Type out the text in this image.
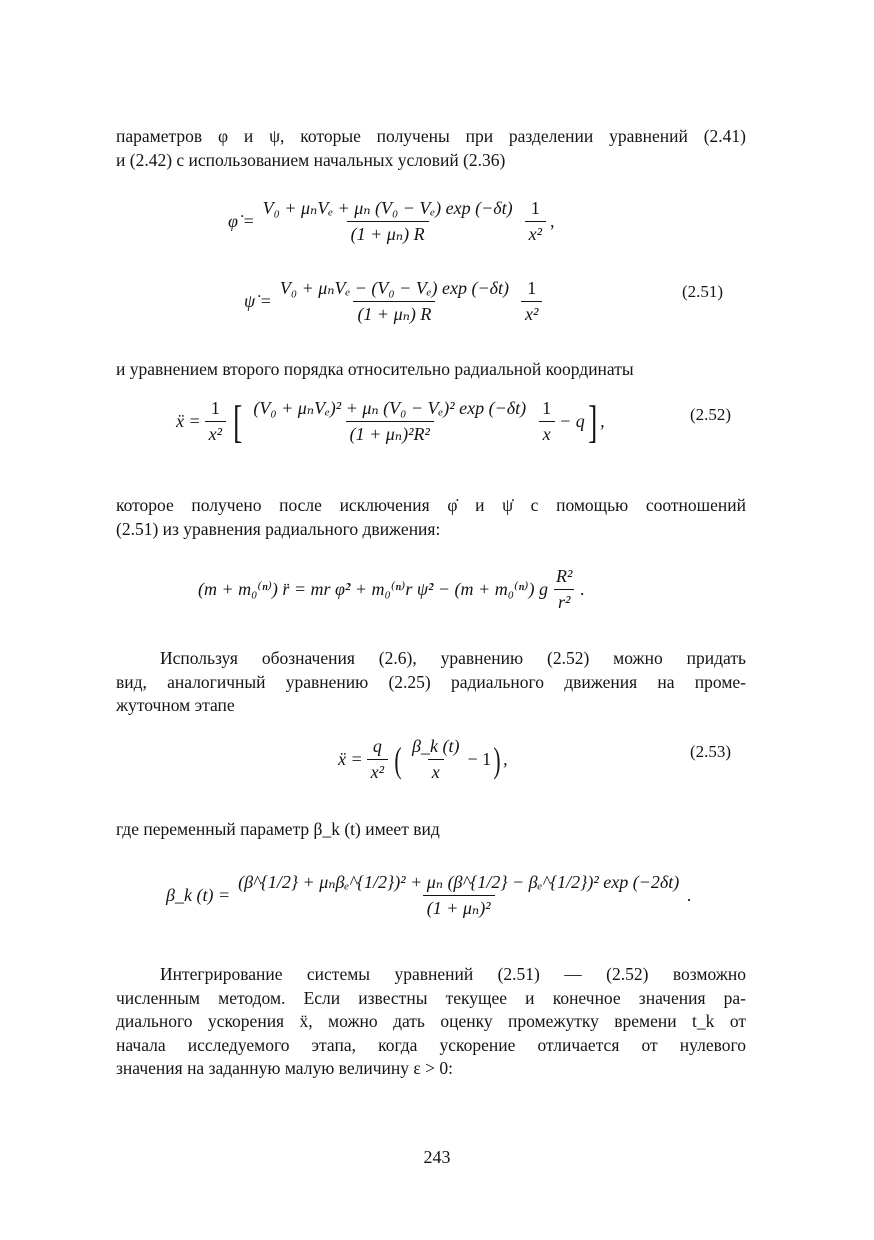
параметров φ и ψ, которые получены при разделении уравнений (2.41)
и (2.42) с использованием начальных условий (2.36)
φ̇ = $\frac{\text{V₀ + μₙVₑ + μₙ (V₀ − Vₑ) exp (−δt)}}{\text{(1 + μₙ) R}} \frac{1}{\text{x²}}$ ,
ψ̇ = $\frac{\text{V₀ + μₙVₑ − (V₀ − Vₑ) exp (−δt)}}{\text{(1 + μₙ) R}} \frac{1}{\text{x²}}$	(2.51)
и уравнением второго порядка относительно радиальной координаты
ẍ = $\frac{1}{\text{x²}}$ [ $\frac{\text{(V₀ + μₙVₑ)² + μₙ (V₀ − Vₑ)² exp (−δt)}}{\text{(1 + μₙ)²R²}} \frac{1}{x} - q$ ] ,	(2.52)
которое получено после исключения φ̇ и ψ̇ с помощью соотношений
(2.51) из уравнения радиального движения:
(m + m₀⁽ⁿ⁾) r̈ = mr φ̇² + m₀⁽ⁿ⁾r ψ̇² − (m + m₀⁽ⁿ⁾) g $\frac{\text{R²}}{\text{r²}}$ .
Используя обозначения (2.6), уравнению (2.52) можно придать
вид, аналогичный уравнению (2.25) радиального движения на проме-
жуточном этапе
ẍ = $\frac{q}{\text{x²}}$ ( $\frac{\beta\_k (t)}{x} - 1$ ) ,	(2.53)
где переменный параметр β_k (t) имеет вид
β_k (t) =
(β^{1/2} + μₙβₑ^{1/2})² + μₙ (β^{1/2} − βₑ^{1/2})² exp (−2δt)
(1 + μₙ)²
.
Интегрирование системы уравнений (2.51) — (2.52) возможно
численным методом. Если известны текущее и конечное значения ра-
диального ускорения ẍ, можно дать оценку промежутку времени t_k от
начала исследуемого этапа, когда ускорение отличается от нулевого
значения на заданную малую величину ε > 0:
243
